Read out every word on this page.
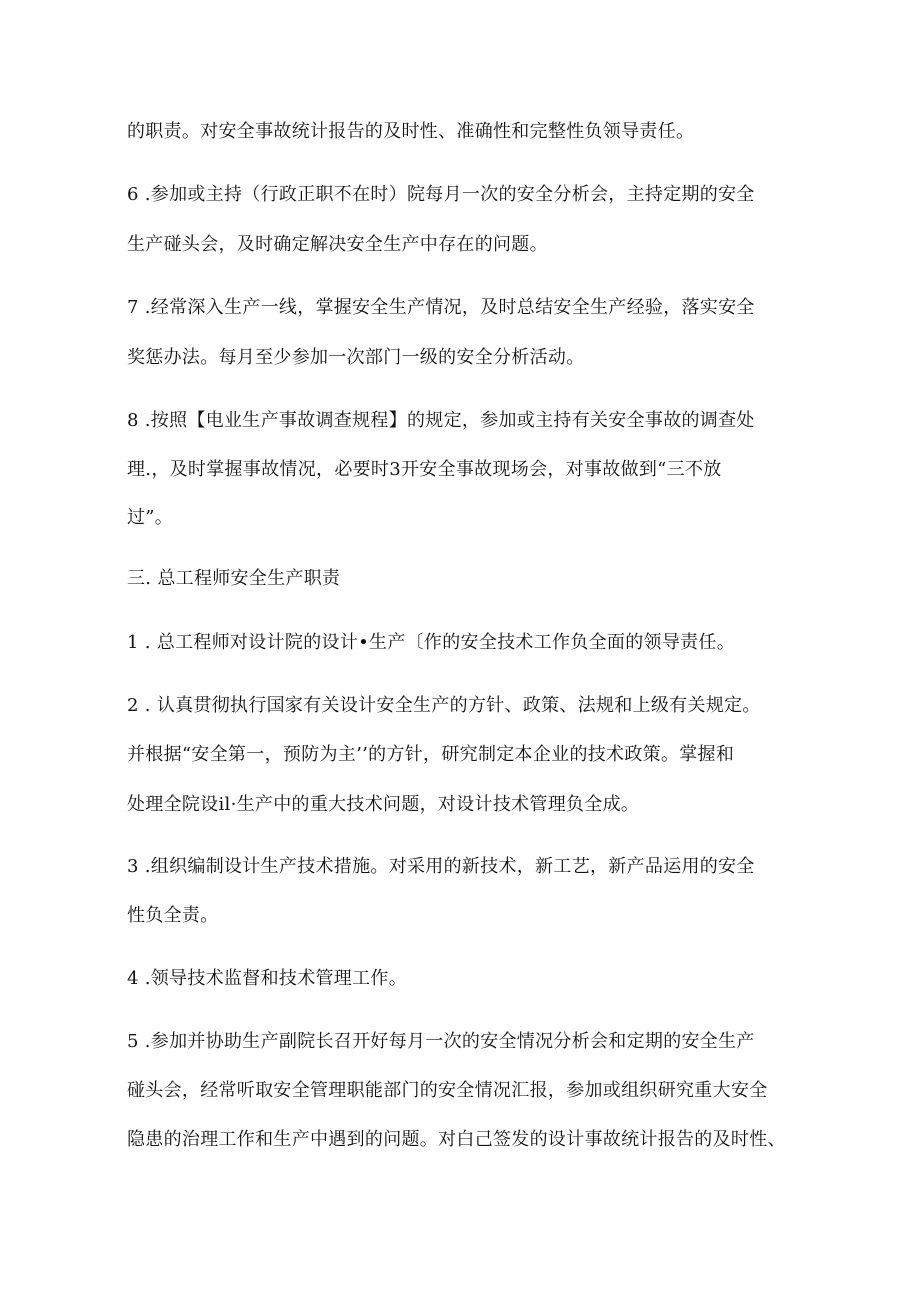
的职责。对安全事故统计报告的及时性、准确性和完整性负领导责任。
6 .参加或主持（行政正职不在时）院每月一次的安全分析会，主持定期的安全
生产碰头会，及时确定解决安全生产中存在的问题。
7 .经常深入生产一线，掌握安全生产情况，及时总结安全生产经验，落实安全
奖惩办法。每月至少参加一次部门一级的安全分析活动。
8 .按照【电业生产事故调查规程】的规定，参加或主持有关安全事故的调查处
理.，及时掌握事故情况，必要时3开安全事故现场会，对事故做到“三不放
过”。
三. 总工程师安全生产职责
1 . 总工程师对设计院的设计•生产〔作的安全技术工作负全面的领导责任。
2 . 认真贯彻执行国家有关设计安全生产的方针、政策、法规和上级有关规定。
并根据“安全第一，预防为主’’的方针，研究制定本企业的技术政策。掌握和
处理全院设il·生产中的重大技术问题，对设计技术管理负全成。
3 .组织编制设计生产技术措施。对采用的新技术，新工艺，新产品运用的安全
性负全责。
4 .领导技术监督和技术管理工作。
5 .参加并协助生产副院长召开好每月一次的安全情况分析会和定期的安全生产
碰头会，经常听取安全管理职能部门的安全情况汇报，参加或组织研究重大安全
隐患的治理工作和生产中遇到的问题。对白己签发的设计事故统计报告的及时性、
